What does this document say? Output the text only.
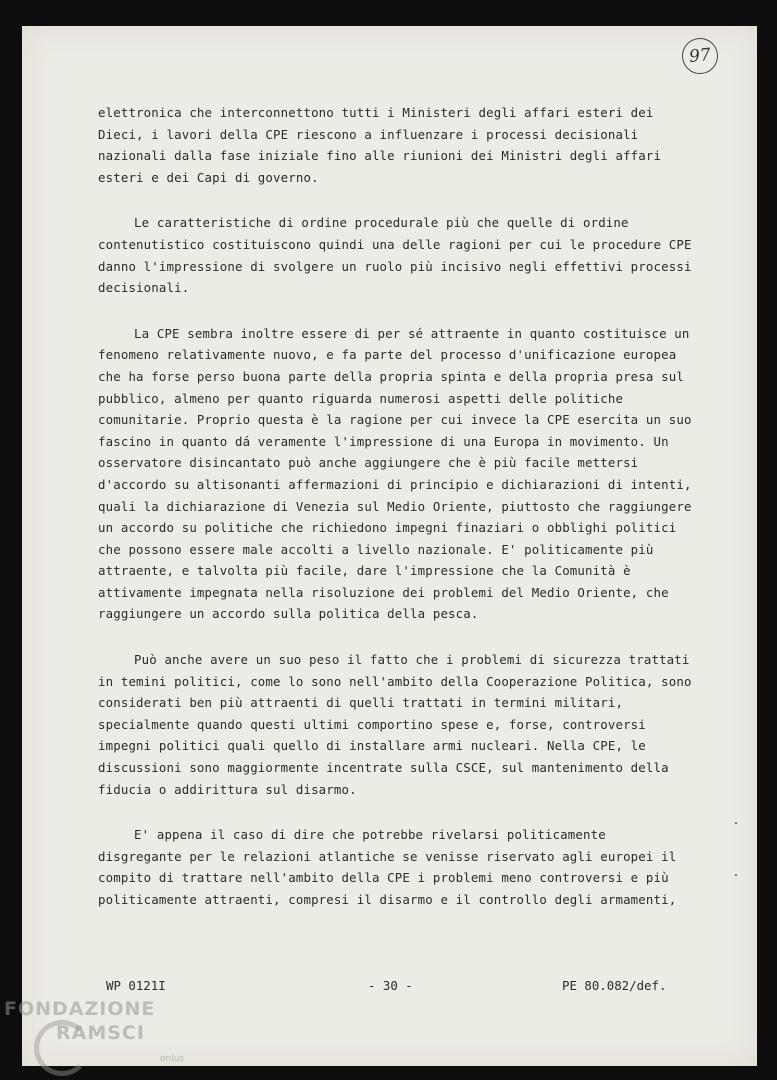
97
elettronica che interconnettono tutti i Ministeri degli affari esteri dei
Dieci, i lavori della CPE riescono a influenzare i processi decisionali
nazionali dalla fase iniziale fino alle riunioni dei Ministri degli affari
esteri e dei Capi di governo.
Le caratteristiche di ordine procedurale più che quelle di ordine
contenutistico costituiscono quindi una delle ragioni per cui le procedure CPE
danno l'impressione di svolgere un ruolo più incisivo negli effettivi processi
decisionali.
La CPE sembra inoltre essere di per sé attraente in quanto costituisce un
fenomeno relativamente nuovo, e fa parte del processo d'unificazione europea
che ha forse perso buona parte della propria spinta e della propria presa sul
pubblico, almeno per quanto riguarda numerosi aspetti delle politiche
comunitarie. Proprio questa è la ragione per cui invece la CPE esercita un suo
fascino in quanto dá veramente l'impressione di una Europa in movimento. Un
osservatore disincantato può anche aggiungere che è più facile mettersi
d'accordo su altisonanti affermazioni di principio e dichiarazioni di intenti,
quali la dichiarazione di Venezia sul Medio Oriente, piuttosto che raggiungere
un accordo su politiche che richiedono impegni finaziari o obblighi politici
che possono essere male accolti a livello nazionale. E' politicamente più
attraente, e talvolta più facile, dare l'impressione che la Comunità è
attivamente impegnata nella risoluzione dei problemi del Medio Oriente, che
raggiungere un accordo sulla politica della pesca.
Può anche avere un suo peso il fatto che i problemi di sicurezza trattati
in temini politici, come lo sono nell'ambito della Cooperazione Politica, sono
considerati ben più attraenti di quelli trattati in termini militari,
specialmente quando questi ultimi comportino spese e, forse, controversi
impegni politici quali quello di installare armi nucleari. Nella CPE, le
discussioni sono maggiormente incentrate sulla CSCE, sul mantenimento della
fiducia o addirittura sul disarmo.
E' appena il caso di dire che potrebbe rivelarsi politicamente
disgregante per le relazioni atlantiche se venisse riservato agli europei il
compito di trattare nell'ambito della CPE i problemi meno controversi e più
politicamente attraenti, compresi il disarmo e il controllo degli armamenti,
WP 0121I	- 30 -	PE 80.082/def.
FONDAZIONE
RAMSCI
onlus
